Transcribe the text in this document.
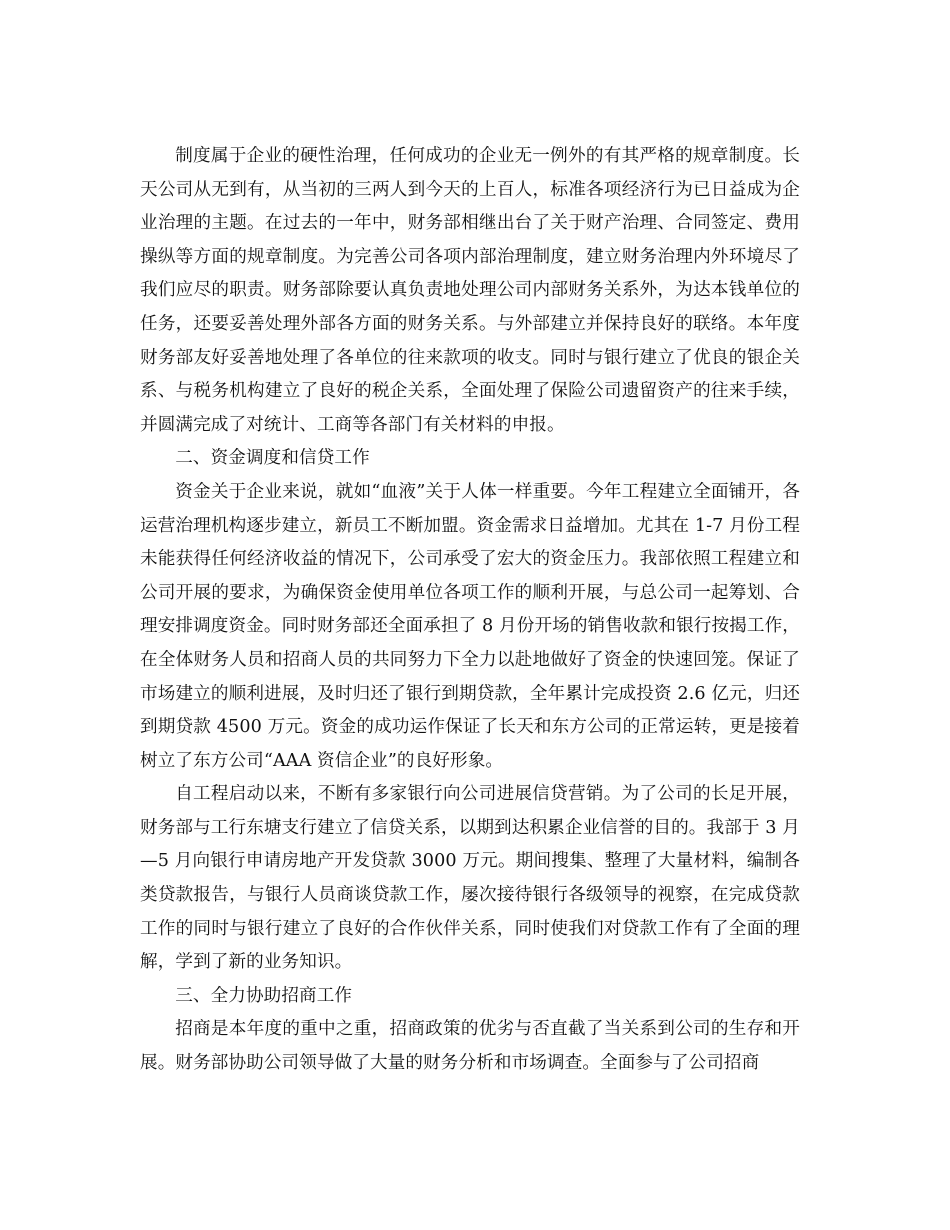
制度属于企业的硬性治理，任何成功的企业无一例外的有其严格的规章制度。长天公司从无到有，从当初的三两人到今天的上百人，标准各项经济行为已日益成为企业治理的主题。在过去的一年中，财务部相继出台了关于财产治理、合同签定、费用操纵等方面的规章制度。为完善公司各项内部治理制度，建立财务治理内外环境尽了我们应尽的职责。财务部除要认真负责地处理公司内部财务关系外，为达本钱单位的任务，还要妥善处理外部各方面的财务关系。与外部建立并保持良好的联络。本年度财务部友好妥善地处理了各单位的往来款项的收支。同时与银行建立了优良的银企关系、与税务机构建立了良好的税企关系，全面处理了保险公司遗留资产的往来手续，并圆满完成了对统计、工商等各部门有关材料的申报。

二、资金调度和信贷工作

资金关于企业来说，就如“血液”关于人体一样重要。今年工程建立全面铺开，各运营治理机构逐步建立，新员工不断加盟。资金需求日益增加。尤其在 1-7 月份工程未能获得任何经济收益的情况下，公司承受了宏大的资金压力。我部依照工程建立和公司开展的要求，为确保资金使用单位各项工作的顺利开展，与总公司一起筹划、合理安排调度资金。同时财务部还全面承担了 8 月份开场的销售收款和银行按揭工作，在全体财务人员和招商人员的共同努力下全力以赴地做好了资金的快速回笼。保证了市场建立的顺利进展，及时归还了银行到期贷款，全年累计完成投资 2.6 亿元，归还到期贷款 4500 万元。资金的成功运作保证了长天和东方公司的正常运转，更是接着树立了东方公司“AAA 资信企业”的良好形象。

自工程启动以来，不断有多家银行向公司进展信贷营销。为了公司的长足开展，财务部与工行东塘支行建立了信贷关系，以期到达积累企业信誉的目的。我部于 3 月—5 月向银行申请房地产开发贷款 3000 万元。期间搜集、整理了大量材料，编制各类贷款报告，与银行人员商谈贷款工作，屡次接待银行各级领导的视察，在完成贷款工作的同时与银行建立了良好的合作伙伴关系，同时使我们对贷款工作有了全面的理解，学到了新的业务知识。

三、全力协助招商工作

招商是本年度的重中之重，招商政策的优劣与否直截了当关系到公司的生存和开展。财务部协助公司领导做了大量的财务分析和市场调查。全面参与了公司招商
